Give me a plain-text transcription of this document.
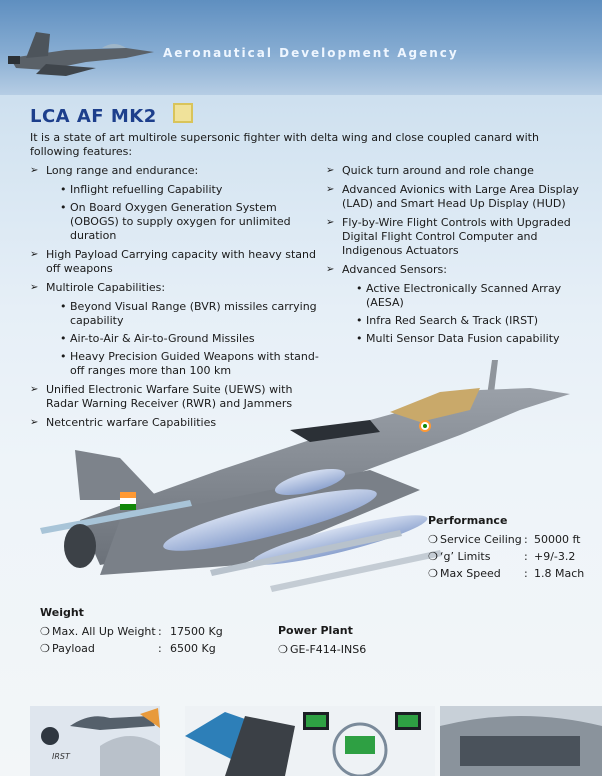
Aeronautical Development Agency
LCA AF MK2
It is a state of art multirole supersonic fighter with delta wing and close coupled canard with following features:
➢ Long range and endurance:
• Inflight refuelling Capability
• On Board Oxygen Generation System (OBOGS) to supply oxygen for unlimited duration
➢ High Payload Carrying capacity with heavy stand off weapons
➢ Multirole Capabilities:
• Beyond Visual Range (BVR) missiles carrying capability
• Air-to-Air & Air-to-Ground Missiles
• Heavy Precision Guided Weapons with stand-off ranges more than 100 km
➢ Unified Electronic Warfare Suite (UEWS) with Radar Warning Receiver (RWR) and Jammers
➢ Netcentric warfare Capabilities
➢ Quick turn around and role change
➢ Advanced Avionics with Large Area Display (LAD) and Smart Head Up Display (HUD)
➢ Fly-by-Wire Flight Controls with Upgraded Digital Flight Control Computer and Indigenous Actuators
➢ Advanced Sensors:
• Active Electronically Scanned Array (AESA)
• Infra Red Search & Track (IRST)
• Multi Sensor Data Fusion capability
Performance
❍ Service Ceiling : 50000 ft
❍ ‘g’ Limits	: +9/-3.2
❍ Max Speed	: 1.8 Mach
Weight
❍ Max. All Up Weight : 17500 Kg
❍ Payload	: 6500 Kg
Power Plant
❍ GE-F414-INS6
IRST
